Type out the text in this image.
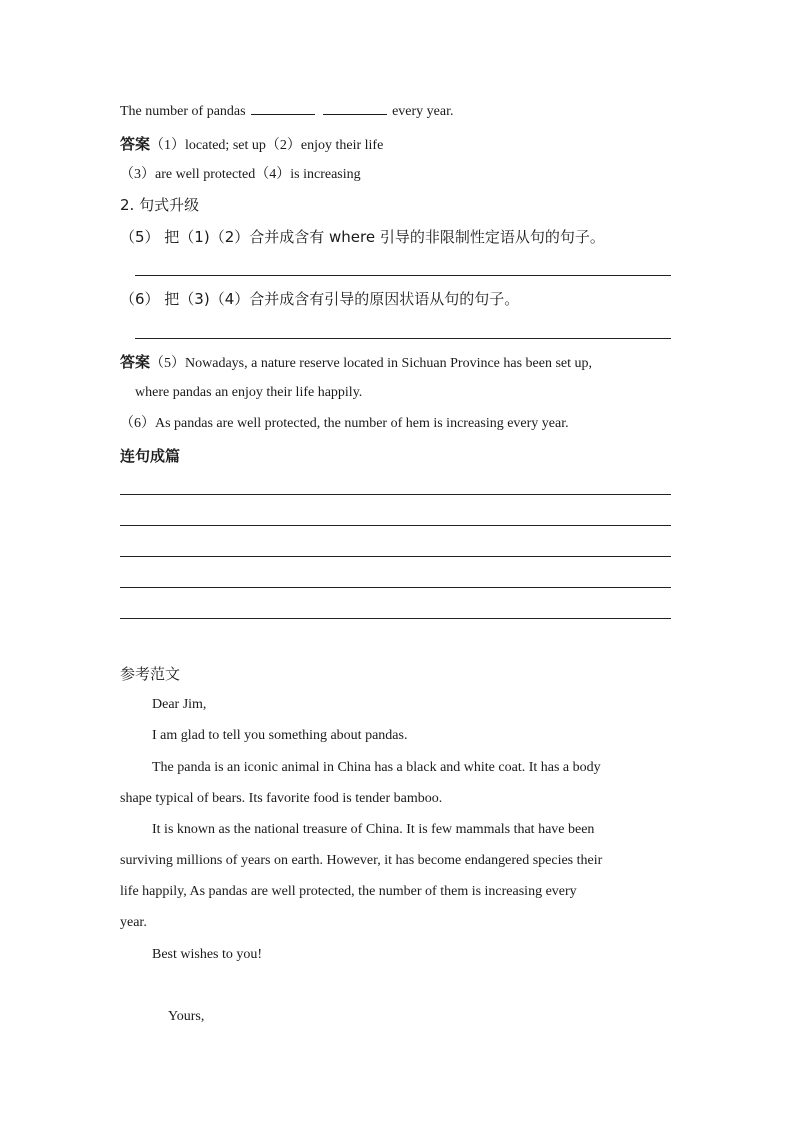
The number of pandas	every year.
答案（1）located; set up（2）enjoy their life
（3）are well protected（4）is increasing
2. 句式升级
（5） 把（1)（2）合并成含有 where 引导的非限制性定语从句的句子。
（6） 把（3)（4）合并成含有引导的原因状语从句的句子。
答案（5）Nowadays, a nature reserve located in Sichuan Province has been set up,
where pandas an enjoy their life happily.
（6）As pandas are well protected, the number of hem is increasing every year.
连句成篇
参考范文
Dear Jim,
I am glad to tell you something about pandas.
The panda is an iconic animal in China has a black and white coat. It has a body
shape typical of bears. Its favorite food is tender bamboo.
It is known as the national treasure of China. It is few mammals that have been
surviving millions of years on earth. However, it has become endangered species their
life happily, As pandas are well protected, the number of them is increasing every
year.
Best wishes to you!
Yours,
